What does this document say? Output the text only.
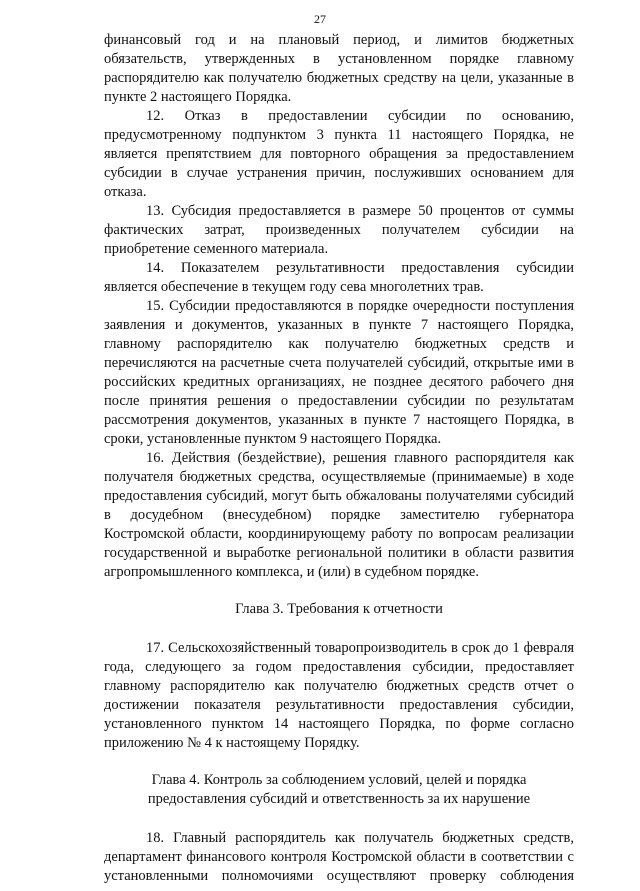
27
финансовый год и на плановый период, и лимитов бюджетных
обязательств, утвержденных в установленном порядке главному
распорядителю как получателю бюджетных средству на цели, указанные в
пункте 2 настоящего Порядка.
12. Отказ в предоставлении субсидии по основанию,
предусмотренному подпунктом 3 пункта 11 настоящего Порядка, не
является препятствием для повторного обращения за предоставлением
субсидии в случае устранения причин, послуживших основанием для
отказа.
13. Субсидия предоставляется в размере 50 процентов от суммы
фактических затрат, произведенных получателем субсидии на
приобретение семенного материала.
14. Показателем результативности предоставления субсидии
является обеспечение в текущем году сева многолетних трав.
15. Субсидии предоставляются в порядке очередности поступления
заявления и документов, указанных в пункте 7 настоящего Порядка,
главному распорядителю как получателю бюджетных средств и
перечисляются на расчетные счета получателей субсидий, открытые ими в
российских кредитных организациях, не позднее десятого рабочего дня
после принятия решения о предоставлении субсидии по результатам
рассмотрения документов, указанных в пункте 7 настоящего Порядка, в
сроки, установленные пунктом 9 настоящего Порядка.
16. Действия (бездействие), решения главного распорядителя как
получателя бюджетных средства, осуществляемые (принимаемые) в ходе
предоставления субсидий, могут быть обжалованы получателями субсидий
в досудебном (внесудебном) порядке заместителю губернатора
Костромской области, координирующему работу по вопросам реализации
государственной и выработке региональной политики в области развития
агропромышленного комплекса, и (или) в судебном порядке.
Глава 3. Требования к отчетности
17. Сельскохозяйственный товаропроизводитель в срок до 1 февраля
года, следующего за годом предоставления субсидии, предоставляет
главному распорядителю как получателю бюджетных средств отчет о
достижении показателя результативности предоставления субсидии,
установленного пунктом 14 настоящего Порядка, по форме согласно
приложению № 4 к настоящему Порядку.
Глава 4. Контроль за соблюдением условий, целей и порядка
предоставления субсидий и ответственность за их нарушение
18. Главный распорядитель как получатель бюджетных средств,
департамент финансового контроля Костромской области в соответствии с
установленными полномочиями осуществляют проверку соблюдения
